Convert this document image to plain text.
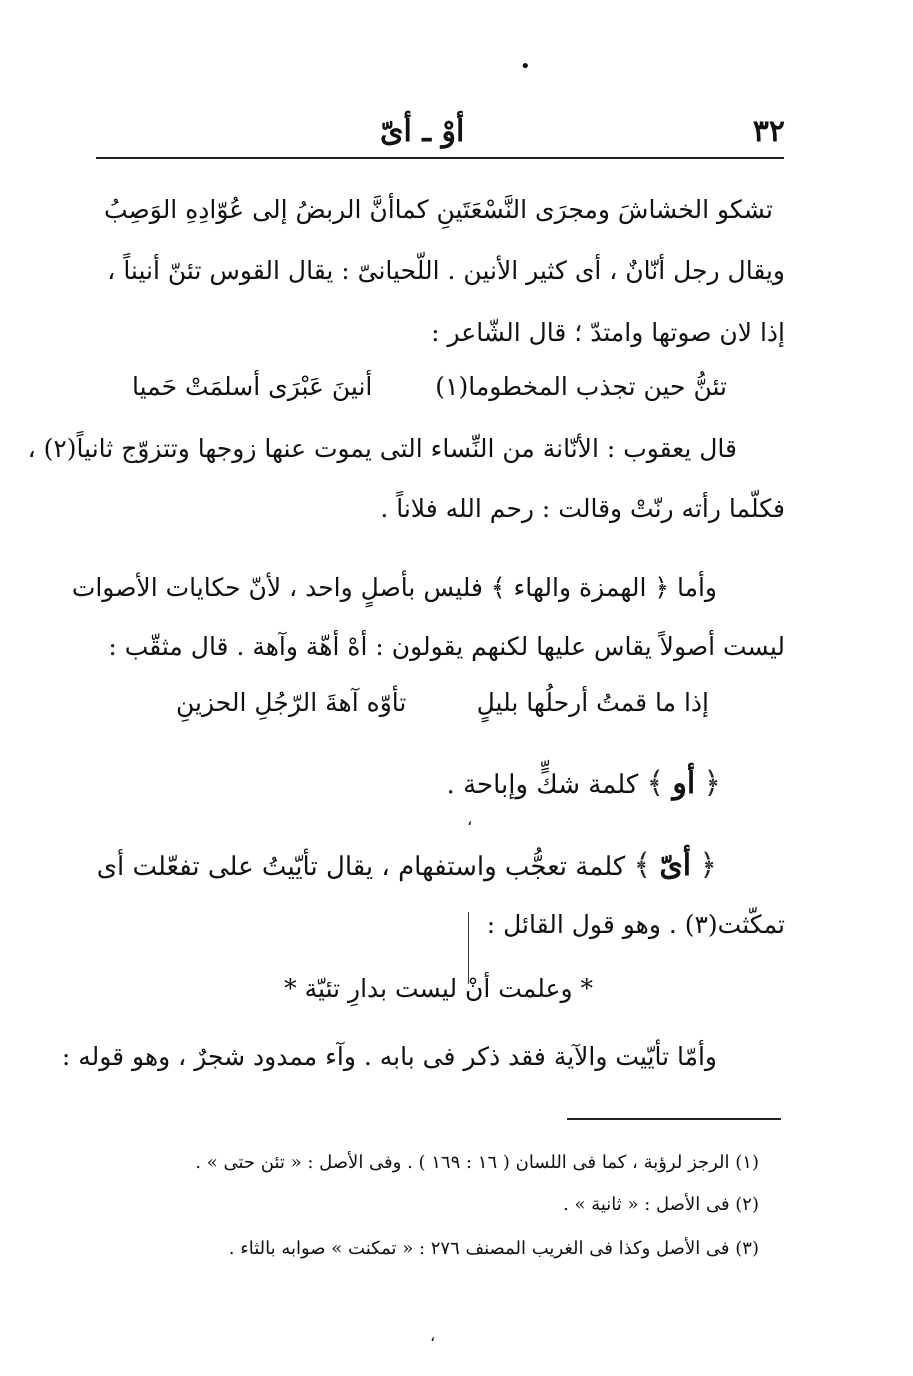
•
٣٢
أوْ ـ أىّ
تشكو الخشاشَ ومجرَى النَّسْعَتَينِ كما
أنَّ الربضُ إلى عُوّادِهِ الوَصِبُ
ويقال رجل أنّانٌ ، أى كثير الأنين . اللّحيانىّ : يقال القوس تئنّ أنيناً ،
إذا لان صوتها وامتدّ ؛ قال الشّاعر :
تئنُّ حين تجذب المخطوما(١)
أنينَ عَبْرَى أسلمَتْ حَميا
قال يعقوب : الأنّانة من النِّساء التى يموت عنها زوجها وتتزوّج ثانياً(٢) ،
فكلّما رأته رنّتْ وقالت : رحم الله فلاناً .
وأما ﴿ الهمزة والهاء ﴾ فليس بأصلٍ واحد ، لأنّ حكايات الأصوات
ليست أصولاً يقاس عليها لكنهم يقولون : أهْ أهّة وآهة . قال مثقّب :
إذا ما قمتُ أرحلُها بليلٍ
تأوّه آهةَ الرّجُلِ الحزينِ
﴿ أو ﴾ كلمة شكٍّ وإباحة .
،
﴿ أىّ ﴾ كلمة تعجُّب واستفهام ، يقال تأيّيتُ على تفعّلت أى
تمكّثت(٣) . وهو قول القائل :
* وعلمت أنْ ليست بدارِ تئيّة *
وأمّا تأيّيت والآية فقد ذكر فى بابه . وآء ممدود شجرٌ ، وهو قوله :
(١) الرجز لرؤبة ، كما فى اللسان ( ١٦ : ١٦٩ ) . وفى الأصل : « تئن حتى » .
(٢) فى الأصل : « ثانية » .
(٣) فى الأصل وكذا فى الغريب المصنف ٢٧٦ : « تمكنت » صوابه بالثاء .
،
